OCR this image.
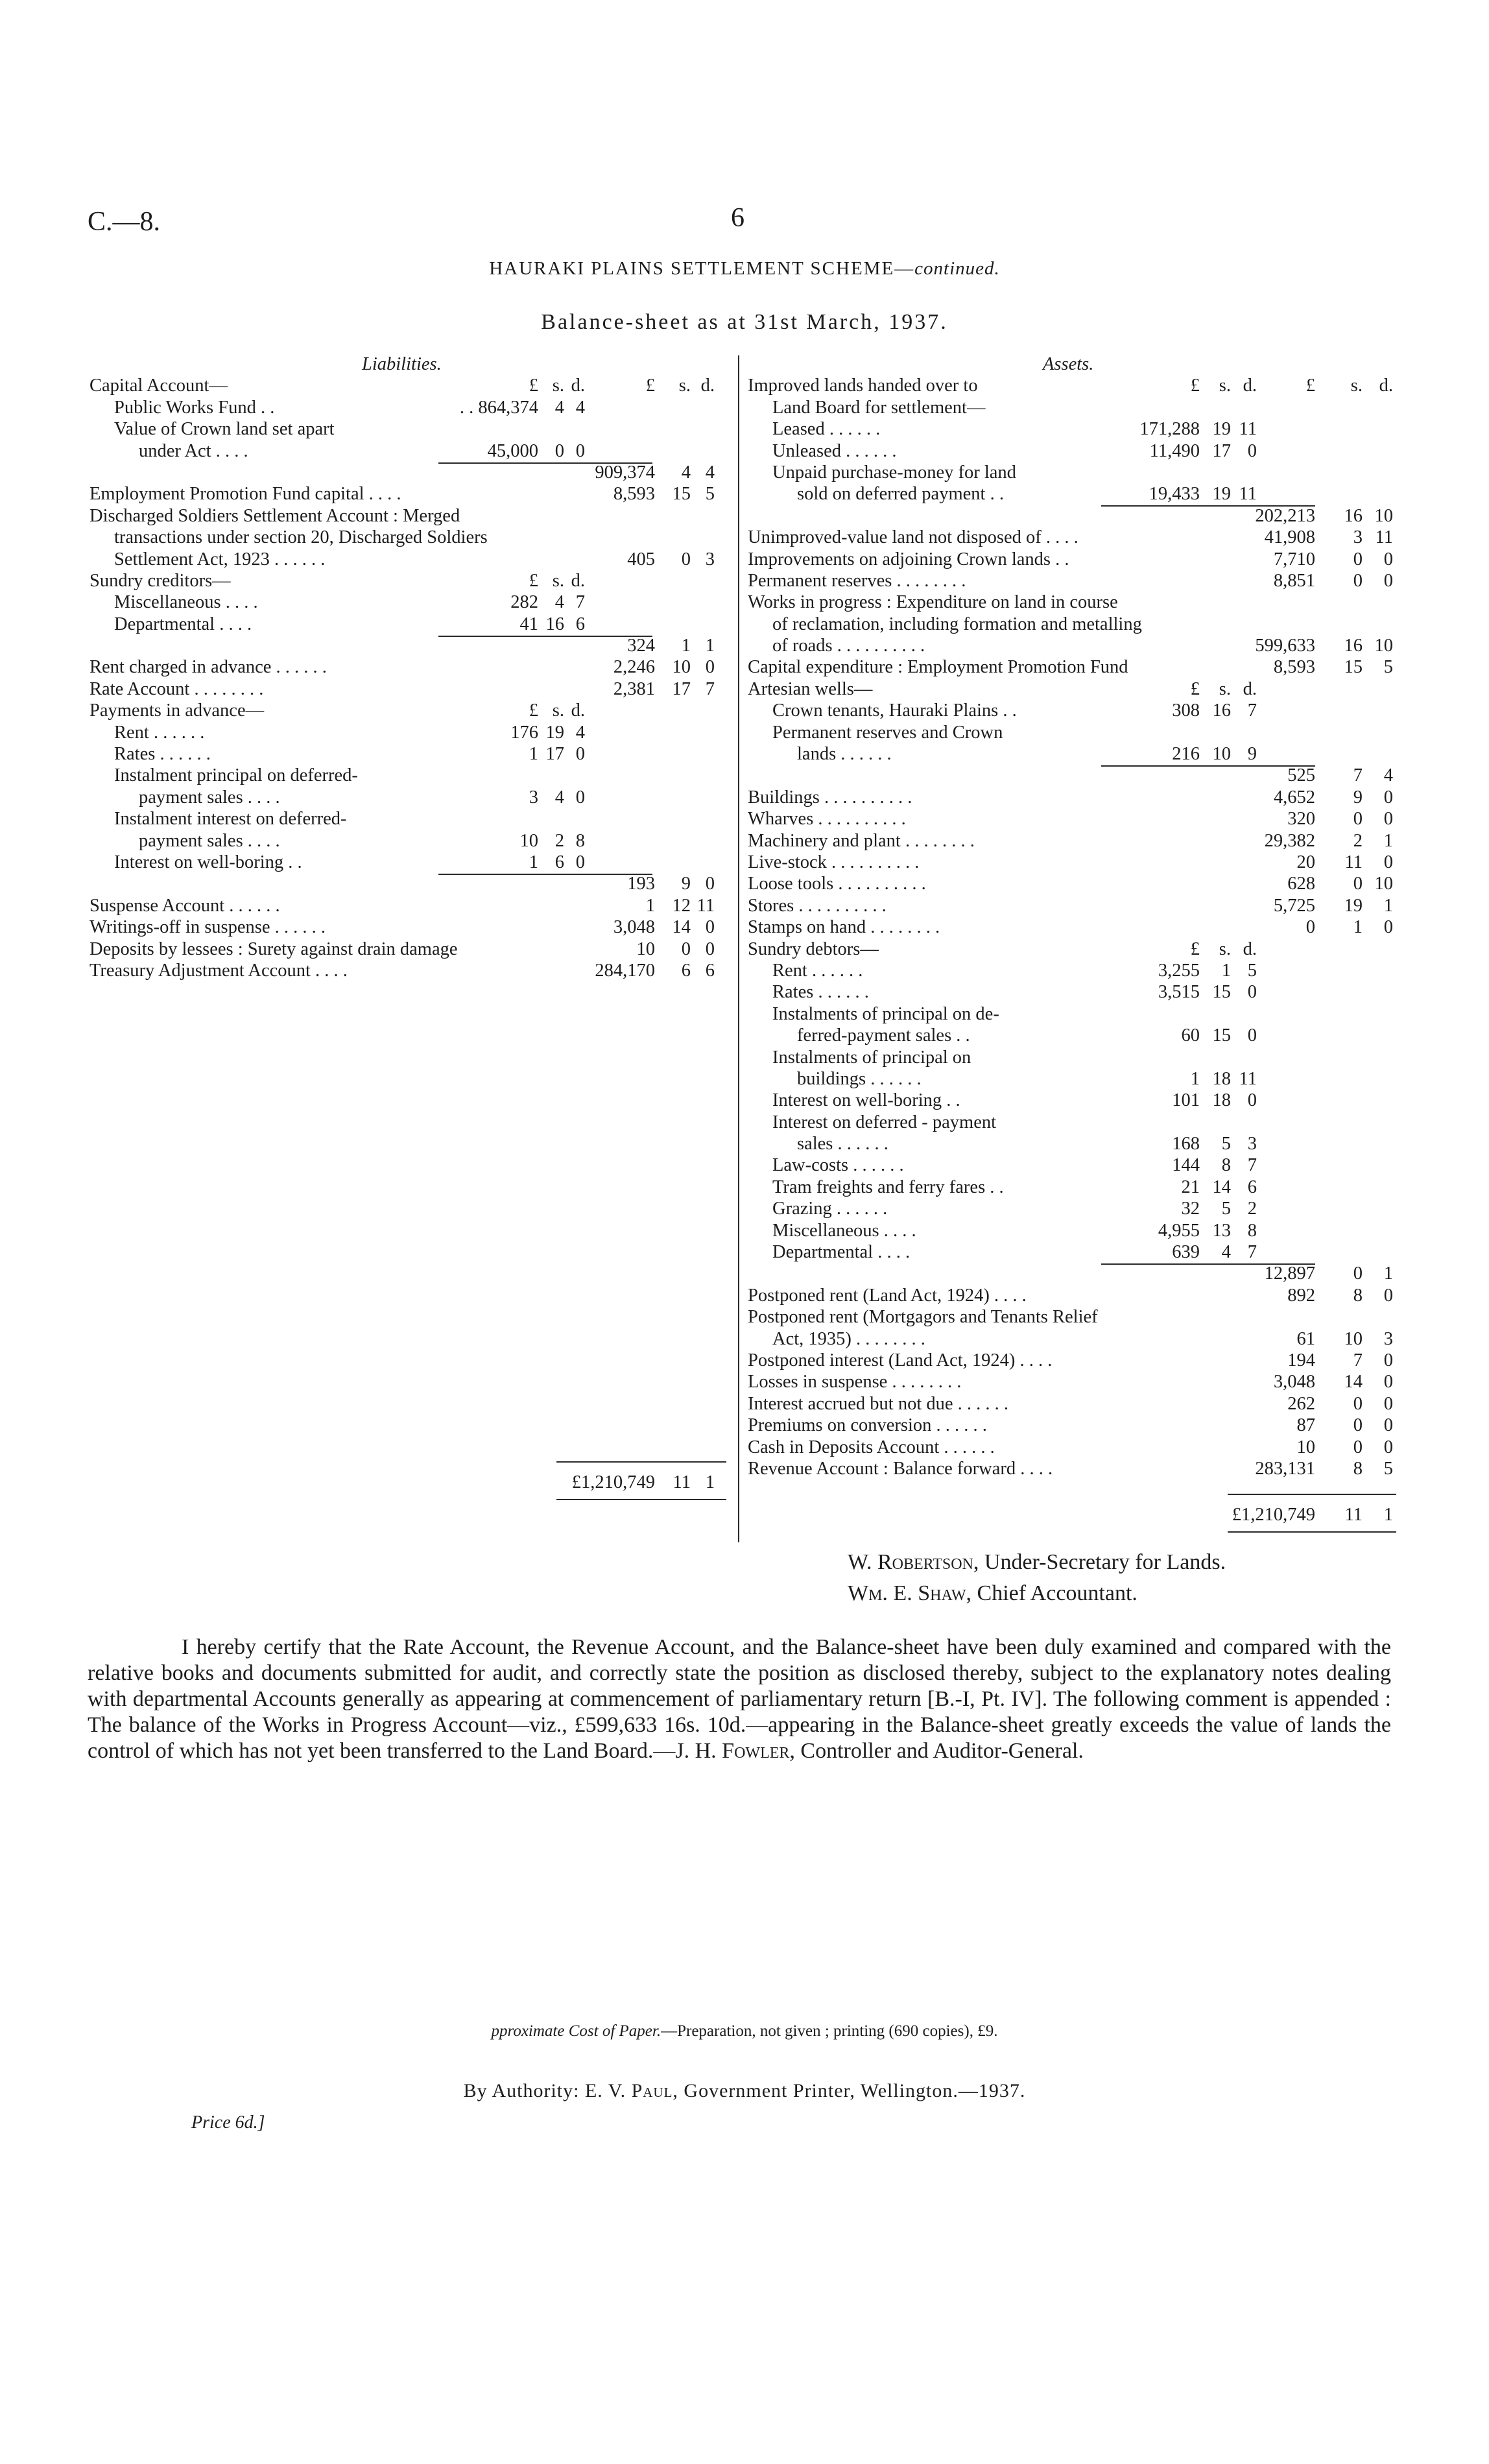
C.—8.	6
HAURAKI PLAINS SETTLEMENT SCHEME—continued.
Balance-sheet as at 31st March, 1937.
Liabilities.
Capital Account—	£ s. d.	£ s. d.
Public Works Fund . .	. . 864,374 4 4
Value of Crown land set apart
under Act . . . .	45,000 0 0
909,374 4 4
Employment Promotion Fund capital . . . .	8,593 15 5
Discharged Soldiers Settlement Account : Merged
transactions under section 20, Discharged Soldiers
Settlement Act, 1923 . . . . . .	405 0 3
Sundry creditors—	£ s. d.
Miscellaneous . . . .	282 4 7
Departmental . . . .	41 16 6
324 1 1
Rent charged in advance . . . . . .	2,246 10 0
Rate Account . . . . . . . .	2,381 17 7
Payments in advance—	£ s. d.
Rent . . . . . .	176 19 4
Rates . . . . . .	1 17 0
Instalment principal on deferred-
payment sales . . . .	3 4 0
Instalment interest on deferred-
payment sales . . . .	10 2 8
Interest on well-boring . .	1 6 0
193 9 0
Suspense Account . . . . . .	1 12 11
Writings-off in suspense . . . . . .	3,048 14 0
Deposits by lessees : Surety against drain damage	10 0 0
Treasury Adjustment Account . . . .	284,170 6 6
£1,210,749 11 1
Assets.
Improved lands handed over to	£ s. d.	£ s. d.
Land Board for settlement—
Leased . . . . . .	171,288 19 11
Unleased . . . . . .	11,490 17 0
Unpaid purchase-money for land
sold on deferred payment . .	19,433 19 11
202,213 16 10
Unimproved-value land not disposed of . . . .	41,908 3 11
Improvements on adjoining Crown lands . .	7,710 0 0
Permanent reserves . . . . . . . .	8,851 0 0
Works in progress : Expenditure on land in course
of reclamation, including formation and metalling
of roads . . . . . . . . . .	599,633 16 10
Capital expenditure : Employment Promotion Fund	8,593 15 5
Artesian wells—	£ s. d.
Crown tenants, Hauraki Plains . .	308 16 7
Permanent reserves and Crown
lands . . . . . .	216 10 9
525 7 4
Buildings . . . . . . . . . .	4,652 9 0
Wharves . . . . . . . . . .	320 0 0
Machinery and plant . . . . . . . .	29,382 2 1
Live-stock . . . . . . . . . .	20 11 0
Loose tools . . . . . . . . . .	628 0 10
Stores . . . . . . . . . .	5,725 19 1
Stamps on hand . . . . . . . .	0 1 0
Sundry debtors—	£ s. d.
Rent . . . . . .	3,255 1 5
Rates . . . . . .	3,515 15 0
Instalments of principal on de-
ferred-payment sales . .	60 15 0
Instalments of principal on
buildings . . . . . .	1 18 11
Interest on well-boring . .	101 18 0
Interest on deferred - payment
sales . . . . . .	168 5 3
Law-costs . . . . . .	144 8 7
Tram freights and ferry fares . .	21 14 6
Grazing . . . . . .	32 5 2
Miscellaneous . . . .	4,955 13 8
Departmental . . . .	639 4 7
12,897 0 1
Postponed rent (Land Act, 1924) . . . .	892 8 0
Postponed rent (Mortgagors and Tenants Relief
Act, 1935) . . . . . . . .	61 10 3
Postponed interest (Land Act, 1924) . . . .	194 7 0
Losses in suspense . . . . . . . .	3,048 14 0
Interest accrued but not due . . . . . .	262 0 0
Premiums on conversion . . . . . .	87 0 0
Cash in Deposits Account . . . . . .	10 0 0
Revenue Account : Balance forward . . . .	283,131 8 5
£1,210,749 11 1
W. Robertson, Under-Secretary for Lands.
Wm. E. Shaw, Chief Accountant.
I hereby certify that the Rate Account, the Revenue Account, and the Balance-sheet have been duly examined and compared with the relative books and documents submitted for audit, and correctly state the position as disclosed thereby, subject to the explanatory notes dealing with departmental Accounts generally as appearing at commencement of parliamentary return [B.-I, Pt. IV]. The following comment is appended : The balance of the Works in Progress Account—viz., £599,633 16s. 10d.—appearing in the Balance-sheet greatly exceeds the value of lands the control of which has not yet been transferred to the Land Board.—J. H. Fowler, Controller and Auditor-General.
pproximate Cost of Paper.—Preparation, not given ; printing (690 copies), £9.
By Authority: E. V. Paul, Government Printer, Wellington.—1937.
Price 6d.]
